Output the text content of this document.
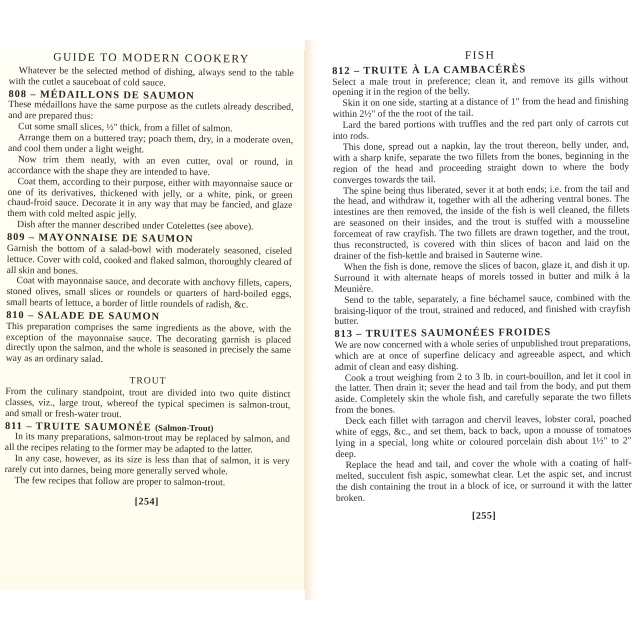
GUIDE TO MODERN COOKERY

Whatever be the selected method of dishing, always send to the table with the cutlet a sauceboat of cold sauce.

808 – MÉDAILLONS DE SAUMON

These médaillons have the same purpose as the cutlets already described, and are prepared thus:

Cut some small slices, ½" thick, from a fillet of salmon.

Arrange them on a buttered tray; poach them, dry, in a moderate oven, and cool them under a light weight.

Now trim them neatly, with an even cutter, oval or round, in accordance with the shape they are intended to have.

Coat them, according to their purpose, either with mayonnaise sauce or one of its derivatives, thickened with jelly, or a white, pink, or green chaud-froid sauce. Decorate it in any way that may be fancied, and glaze them with cold melted aspic jelly.

Dish after the manner described under Cotelettes (see above).

809 – MAYONNAISE DE SAUMON

Garnish the bottom of a salad-bowl with moderately seasoned, ciseled lettuce. Cover with cold, cooked and flaked salmon, thoroughly cleared of all skin and bones.

Coat with mayonnaise sauce, and decorate with anchovy fillets, capers, stoned olives, small slices or roundels or quarters of hard-boiled eggs, small hearts of lettuce, a border of little roundels of radish, &c.

810 – SALADE DE SAUMON

This preparation comprises the same ingredients as the above, with the exception of the mayonnaise sauce. The decorating garnish is placed directly upon the salmon, and the whole is seasoned in precisely the same way as an ordinary salad.

TROUT

From the culinary standpoint, trout are divided into two quite distinct classes, viz., large trout, whereof the typical specimen is salmon-trout, and small or fresh-water trout.

811 – TRUITE SAUMONÉE (Salmon-Trout)

In its many preparations, salmon-trout may be replaced by salmon, and all the recipes relating to the former may be adapted to the latter.

In any case, however, as its size is less than that of salmon, it is very rarely cut into darnes, being more generally served whole.

The few recipes that follow are proper to salmon-trout.

[254]
FISH
812 – TRUITE À LA CAMBACÉRÈS

Select a male trout in preference; clean it, and remove its gills without opening it in the region of the belly.

Skin it on one side, starting at a distance of 1" from the head and finishing within 2½" of the the root of the tail.

Lard the bared portions with truffles and the red part only of carrots cut into rods.

This done, spread out a napkin, lay the trout thereon, belly under, and, with a sharp knife, separate the two fillets from the bones, beginning in the region of the head and proceeding straight down to where the body converges towards the tail.

The spine being thus liberated, sever it at both ends; i.e. from the tail and the head, and withdraw it, together with all the adhering ventral bones. The intestines are then removed, the inside of the fish is well cleaned, the fillets are seasoned on their insides, and the trout is stuffed with a mousseline forcemeat of raw crayfish. The two fillets are drawn together, and the trout, thus reconstructed, is covered with thin slices of bacon and laid on the drainer of the fish-kettle and braised in Sauterne wine.

When the fish is done, remove the slices of bacon, glaze it, and dish it up. Surround it with alternate heaps of morels tossed in butter and milk à la Meunière.

Send to the table, separately, a fine béchamel sauce, combined with the braising-liquor of the trout, strained and reduced, and finished with crayfish butter.

813 – TRUITES SAUMONÉES FROIDES

We are now concerned with a whole series of unpublished trout preparations, which are at once of superfine delicacy and agreeable aspect, and which admit of clean and easy dishing.

Cook a trout weighing from 2 to 3 lb. in court-bouillon, and let it cool in the latter. Then drain it; sever the head and tail from the body, and put them aside. Completely skin the whole fish, and carefully separate the two fillets from the bones.

Deck each fillet with tarragon and chervil leaves, lobster coral, poached white of eggs, &c., and set them, back to back, upon a mousse of tomatoes lying in a special, long white or coloured porcelain dish about 1½" to 2" deep.

Replace the head and tail, and cover the whole with a coating of half-melted, succulent fish aspic, somewhat clear. Let the aspic set, and incrust the dish containing the trout in a block of ice, or surround it with the latter broken.

[255]
